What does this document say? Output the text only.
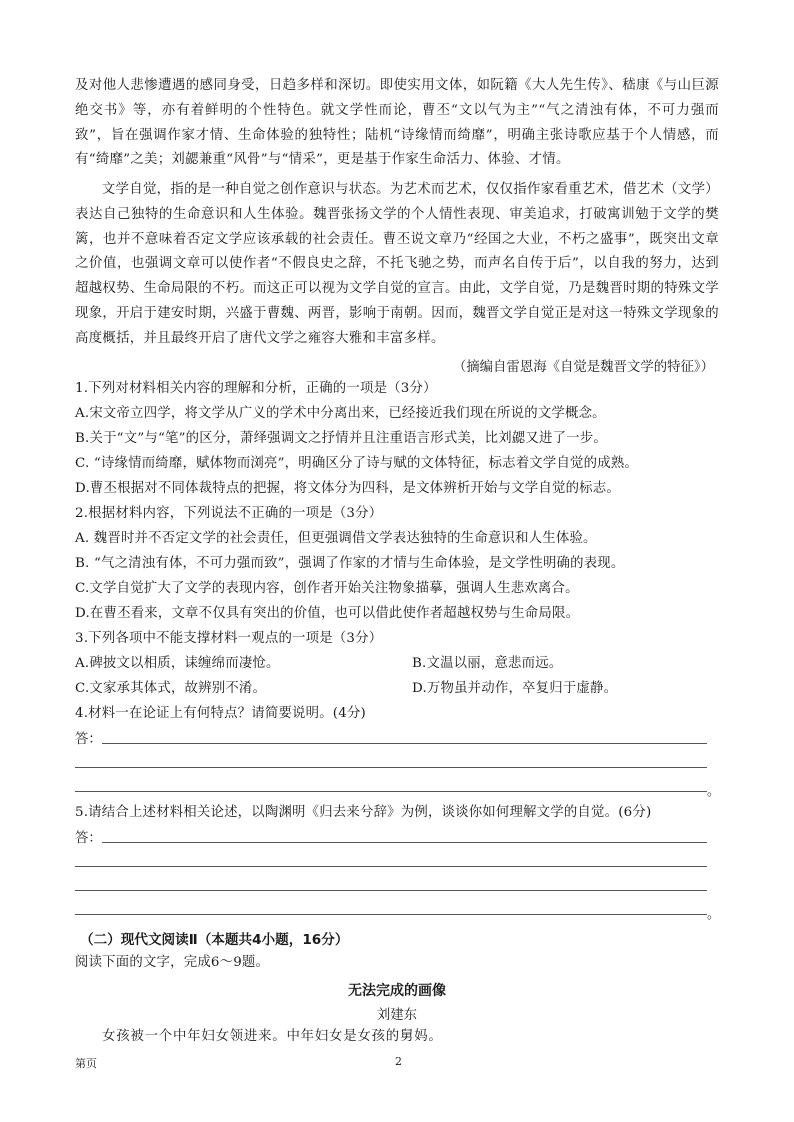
及对他人悲惨遭遇的感同身受，日趋多样和深切。即使实用文体，如阮籍《大人先生传》、嵇康《与山巨源绝交书》等，亦有着鲜明的个性特色。就文学性而论，曹丕“文以气为主”“气之清浊有体，不可力强而致”，旨在强调作家才情、生命体验的独特性；陆机“诗缘情而绮靡”，明确主张诗歌应基于个人情感，而有“绮靡”之美；刘勰兼重“风骨”与“情采”，更是基于作家生命活力、体验、才情。

文学自觉，指的是一种自觉之创作意识与状态。为艺术而艺术，仅仅指作家看重艺术，借艺术（文学）表达自己独特的生命意识和人生体验。魏晋张扬文学的个人情性表现、审美追求，打破寓训勉于文学的樊篱，也并不意味着否定文学应该承载的社会责任。曹丕说文章乃“经国之大业，不朽之盛事”，既突出文章之价值，也强调文章可以使作者“不假良史之辞，不托飞驰之势，而声名自传于后”，以自我的努力，达到超越权势、生命局限的不朽。而这正可以视为文学自觉的宣言。由此，文学自觉，乃是魏晋时期的特殊文学现象，开启于建安时期，兴盛于曹魏、两晋，影响于南朝。因而，魏晋文学自觉正是对这一特殊文学现象的高度概括，并且最终开启了唐代文学之雍容大雅和丰富多样。

（摘编自雷恩海《自觉是魏晋文学的特征》）

1.下列对材料相关内容的理解和分析，正确的一项是（3分）

A.宋文帝立四学，将文学从广义的学术中分离出来，已经接近我们现在所说的文学概念。

B.关于“文”与“笔”的区分，萧绎强调文之抒情并且注重语言形式美，比刘勰又进了一步。

C. “诗缘情而绮靡，赋体物而浏亮”，明确区分了诗与赋的文体特征，标志着文学自觉的成熟。

D.曹丕根据对不同体裁特点的把握，将文体分为四科，是文体辨析开始与文学自觉的标志。

2.根据材料内容，下列说法不正确的一项是（3分）

A. 魏晋时并不否定文学的社会责任，但更强调借文学表达独特的生命意识和人生体验。

B. “气之清浊有体，不可力强而致”，强调了作家的才情与生命体验，是文学性明确的表现。

C.文学自觉扩大了文学的表现内容，创作者开始关注物象描摹，强调人生悲欢离合。

D.在曹丕看来，文章不仅具有突出的价值，也可以借此使作者超越权势与生命局限。

3.下列各项中不能支撑材料一观点的一项是（3分）

A.碑披文以相质，诔缠绵而凄怆。	B.文温以丽，意悲而远。

C.文家承其体式，故辨别不淆。	D.万物虽并动作，卒复归于虚静。

4.材料一在论证上有何特点？请简要说明。(4分)

答：
。

5.请结合上述材料相关论述，以陶渊明《归去来兮辞》为例，谈谈你如何理解文学的自觉。(6分)

答：
。
（二）现代文阅读Ⅱ（本题共4小题，16分）

阅读下面的文字，完成6～9题。

无法完成的画像
刘建东

女孩被一个中年妇女领进来。中年妇女是女孩的舅妈。

第页	2
